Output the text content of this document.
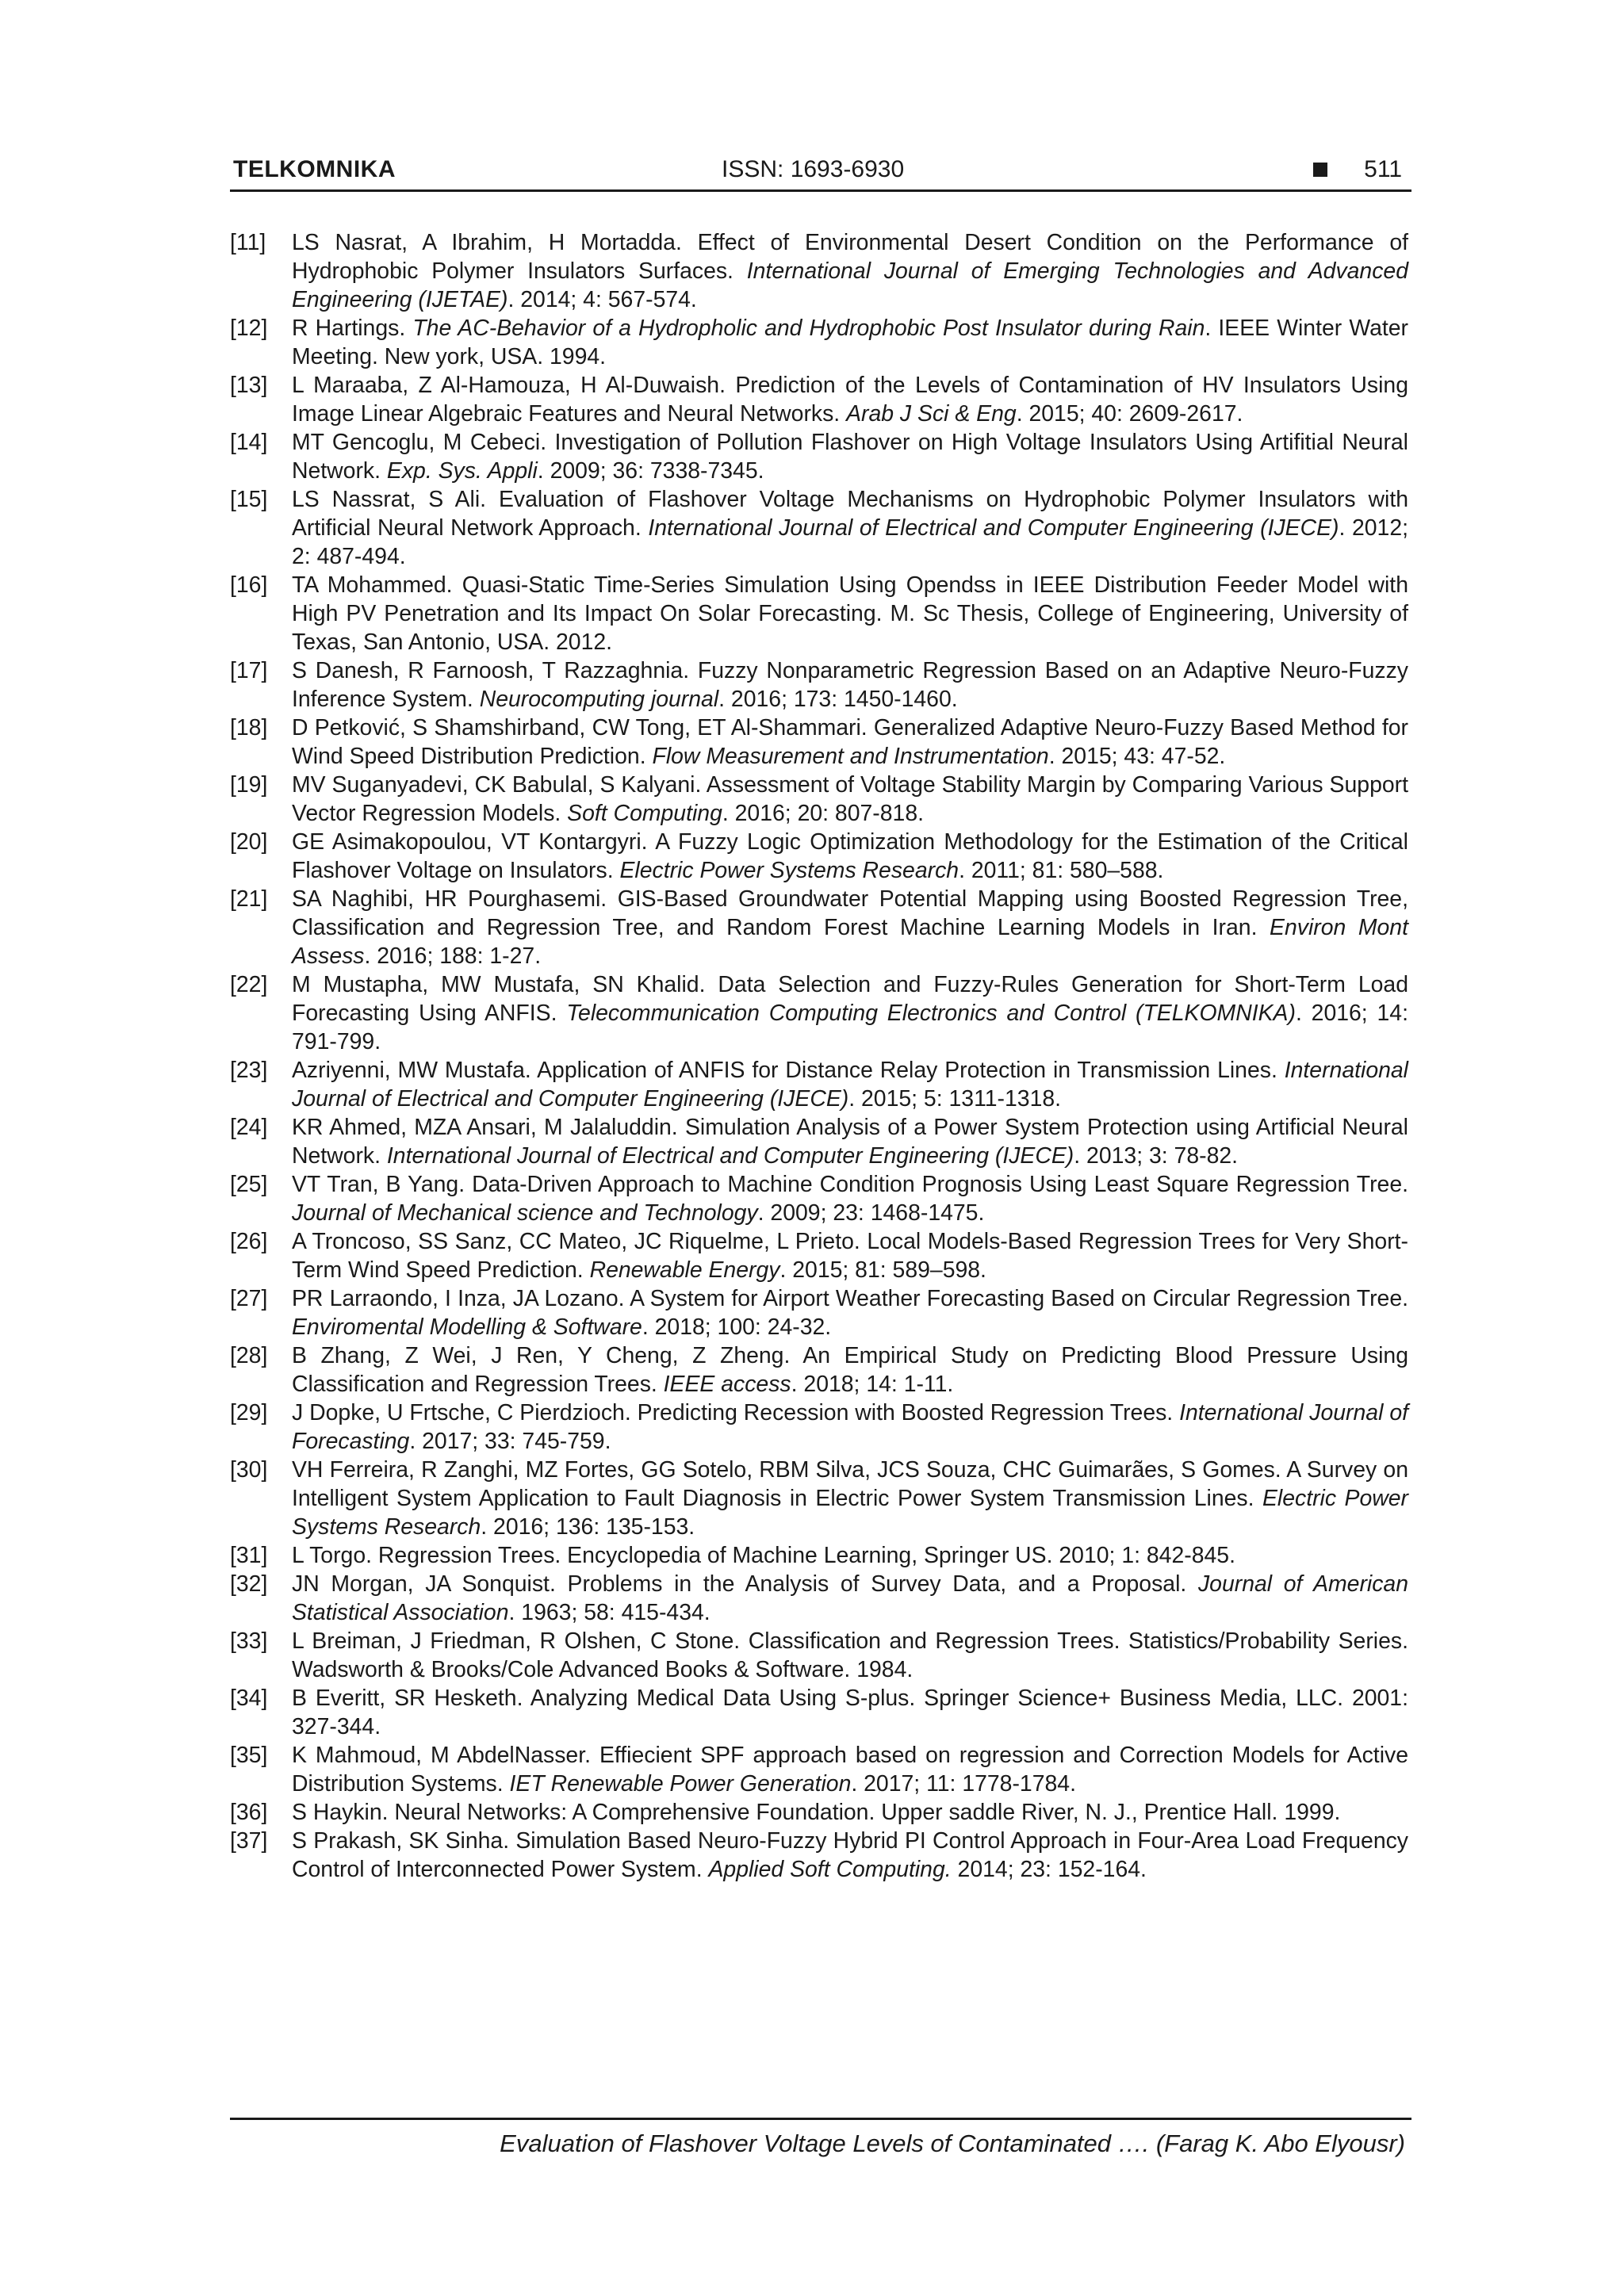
TELKOMNIKA	ISSN: 1693-6930	511
[11]	LS Nasrat, A Ibrahim, H Mortadda. Effect of Environmental Desert Condition on the Performance of Hydrophobic Polymer Insulators Surfaces. International Journal of Emerging Technologies and Advanced Engineering (IJETAE). 2014; 4: 567-574.
[12]	R Hartings. The AC-Behavior of a Hydropholic and Hydrophobic Post Insulator during Rain. IEEE Winter Water Meeting. New york, USA. 1994.
[13]	L Maraaba, Z Al-Hamouza, H Al-Duwaish. Prediction of the Levels of Contamination of HV Insulators Using Image Linear Algebraic Features and Neural Networks. Arab J Sci & Eng. 2015; 40: 2609-2617.
[14]	MT Gencoglu, M Cebeci. Investigation of Pollution Flashover on High Voltage Insulators Using Artifitial Neural Network. Exp. Sys. Appli. 2009; 36: 7338-7345.
[15]	LS Nassrat, S Ali. Evaluation of Flashover Voltage Mechanisms on Hydrophobic Polymer Insulators with Artificial Neural Network Approach. International Journal of Electrical and Computer Engineering (IJECE). 2012; 2: 487-494.
[16]	TA Mohammed. Quasi-Static Time-Series Simulation Using Opendss in IEEE Distribution Feeder Model with High PV Penetration and Its Impact On Solar Forecasting. M. Sc Thesis, College of Engineering, University of Texas, San Antonio, USA. 2012.
[17]	S Danesh, R Farnoosh, T Razzaghnia. Fuzzy Nonparametric Regression Based on an Adaptive Neuro-Fuzzy Inference System. Neurocomputing journal. 2016; 173: 1450-1460.
[18]	D Petković, S Shamshirband, CW Tong, ET Al-Shammari. Generalized Adaptive Neuro-Fuzzy Based Method for Wind Speed Distribution Prediction. Flow Measurement and Instrumentation. 2015; 43: 47-52.
[19]	MV Suganyadevi, CK Babulal, S Kalyani. Assessment of Voltage Stability Margin by Comparing Various Support Vector Regression Models. Soft Computing. 2016; 20: 807-818.
[20]	GE Asimakopoulou, VT Kontargyri. A Fuzzy Logic Optimization Methodology for the Estimation of the Critical Flashover Voltage on Insulators. Electric Power Systems Research. 2011; 81: 580–588.
[21]	SA Naghibi, HR Pourghasemi. GIS-Based Groundwater Potential Mapping using Boosted Regression Tree, Classification and Regression Tree, and Random Forest Machine Learning Models in Iran. Environ Mont Assess. 2016; 188: 1-27.
[22]	M Mustapha, MW Mustafa, SN Khalid. Data Selection and Fuzzy-Rules Generation for Short-Term Load Forecasting Using ANFIS. Telecommunication Computing Electronics and Control (TELKOMNIKA). 2016; 14: 791-799.
[23]	Azriyenni, MW Mustafa. Application of ANFIS for Distance Relay Protection in Transmission Lines. International Journal of Electrical and Computer Engineering (IJECE). 2015; 5: 1311-1318.
[24]	KR Ahmed, MZA Ansari, M Jalaluddin. Simulation Analysis of a Power System Protection using Artificial Neural Network. International Journal of Electrical and Computer Engineering (IJECE). 2013; 3: 78-82.
[25]	VT Tran, B Yang. Data-Driven Approach to Machine Condition Prognosis Using Least Square Regression Tree. Journal of Mechanical science and Technology. 2009; 23: 1468-1475.
[26]	A Troncoso, SS Sanz, CC Mateo, JC Riquelme, L Prieto. Local Models-Based Regression Trees for Very Short-Term Wind Speed Prediction. Renewable Energy. 2015; 81: 589–598.
[27]	PR Larraondo, I Inza, JA Lozano. A System for Airport Weather Forecasting Based on Circular Regression Tree. Enviromental Modelling & Software. 2018; 100: 24-32.
[28]	B Zhang, Z Wei, J Ren, Y Cheng, Z Zheng. An Empirical Study on Predicting Blood Pressure Using Classification and Regression Trees. IEEE access. 2018; 14: 1-11.
[29]	J Dopke, U Frtsche, C Pierdzioch. Predicting Recession with Boosted Regression Trees. International Journal of Forecasting. 2017; 33: 745-759.
[30]	VH Ferreira, R Zanghi, MZ Fortes, GG Sotelo, RBM Silva, JCS Souza, CHC Guimarães, S Gomes. A Survey on Intelligent System Application to Fault Diagnosis in Electric Power System Transmission Lines. Electric Power Systems Research. 2016; 136: 135-153.
[31]	L Torgo. Regression Trees. Encyclopedia of Machine Learning, Springer US. 2010; 1: 842-845.
[32]	JN Morgan, JA Sonquist. Problems in the Analysis of Survey Data, and a Proposal. Journal of American Statistical Association. 1963; 58: 415-434.
[33]	L Breiman, J Friedman, R Olshen, C Stone. Classification and Regression Trees. Statistics/Probability Series. Wadsworth & Brooks/Cole Advanced Books & Software. 1984.
[34]	B Everitt, SR Hesketh. Analyzing Medical Data Using S-plus. Springer Science+ Business Media, LLC. 2001: 327-344.
[35]	K Mahmoud, M AbdelNasser. Effiecient SPF approach based on regression and Correction Models for Active Distribution Systems. IET Renewable Power Generation. 2017; 11: 1778-1784.
[36]	S Haykin. Neural Networks: A Comprehensive Foundation. Upper saddle River, N. J., Prentice Hall. 1999.
[37]	S Prakash, SK Sinha. Simulation Based Neuro-Fuzzy Hybrid PI Control Approach in Four-Area Load Frequency Control of Interconnected Power System. Applied Soft Computing. 2014; 23: 152-164.
Evaluation of Flashover Voltage Levels of Contaminated …. (Farag K. Abo Elyousr)
